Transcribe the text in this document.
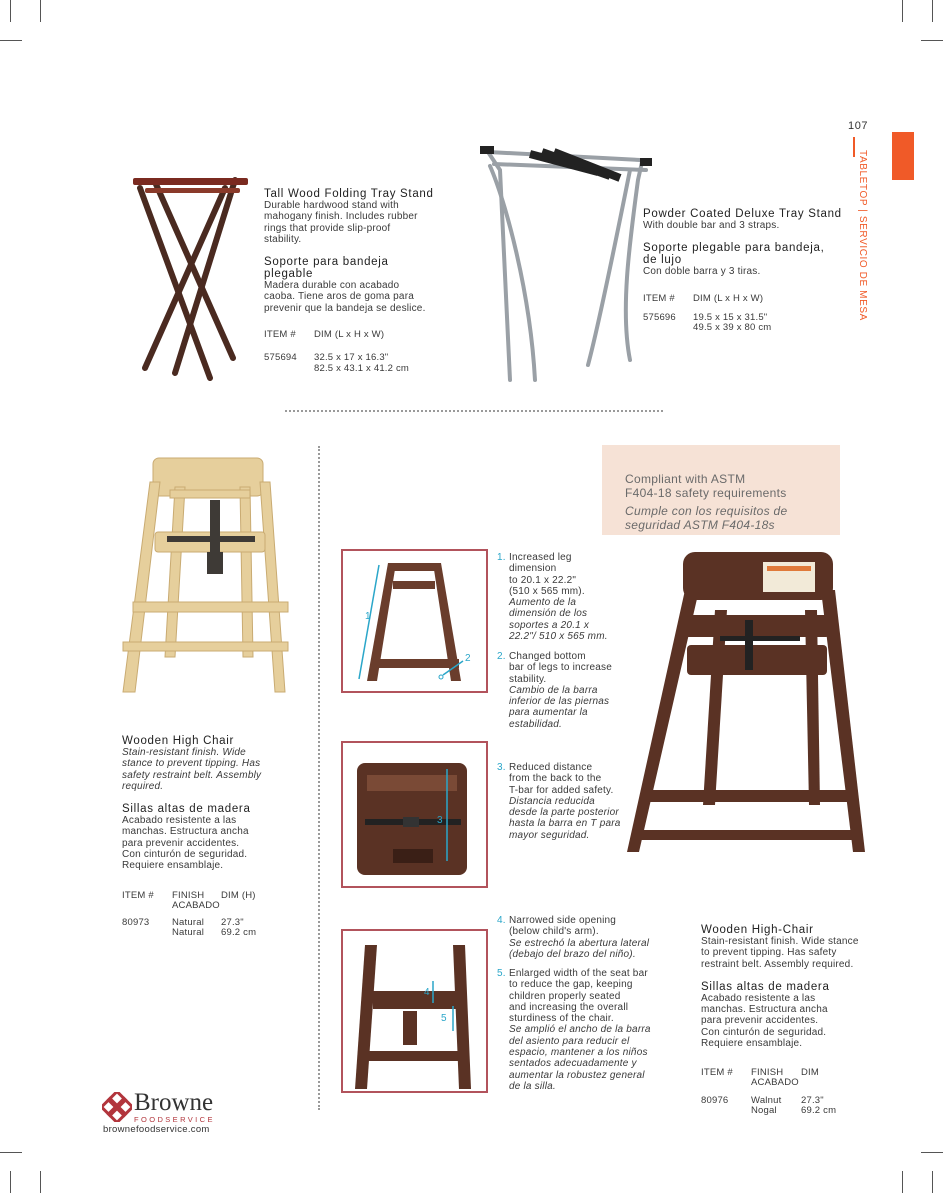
107
TABLETOP | SERVICIO DE MESA
Tall Wood Folding Tray Stand
Durable hardwood stand with
mahogany finish. Includes rubber
rings that provide slip-proof
stability.
Soporte para bandeja
plegable
Madera durable con acabado
caoba. Tiene aros de goma para
prevenir que la bandeja se deslice.
ITEM # DIM (L x H x W)
575694 32.5 x 17 x 16.3"
82.5 x 43.1 x 41.2 cm
Powder Coated Deluxe Tray Stand
With double bar and 3 straps.
Soporte plegable para bandeja,
de lujo
Con doble barra y 3 tiras.
ITEM # DIM (L x H x W)
575696 19.5 x 15 x 31.5"
49.5 x 39 x 80 cm
Wooden High Chair
Stain-resistant finish. Wide
stance to prevent tipping. Has
safety restraint belt. Assembly
required.
Sillas altas de madera
Acabado resistente a las
manchas. Estructura ancha
para prevenir accidentes.
Con cinturón de seguridad.
Requiere ensamblaje.
ITEM # FINISH
ACABADO
DIM (H)
80973 Natural
Natural
27.3"
69.2 cm
Compliant with ASTM
F404-18 safety requirements
Cumple con los requisitos de
seguridad ASTM F404-18s
1
2
3
4
5
1. Increased leg
dimension
to 20.1 x 22.2"
(510 x 565 mm).
Aumento de la
dimensión de los
soportes a 20.1 x
22.2"/ 510 x 565 mm.
2. Changed bottom
bar of legs to increase
stability.
Cambio de la barra
inferior de las piernas
para aumentar la
estabilidad.
3. Reduced distance
from the back to the
T-bar for added safety.
Distancia reducida
desde la parte posterior
hasta la barra en T para
mayor seguridad.
4. Narrowed side opening
(below child's arm).
Se estrechó la abertura lateral
(debajo del brazo del niño).
5. Enlarged width of the seat bar
to reduce the gap, keeping
children properly seated
and increasing the overall
sturdiness of the chair.
Se amplió el ancho de la barra
del asiento para reducir el
espacio, mantener a los niños
sentados adecuadamente y
aumentar la robustez general
de la silla.
Wooden High-Chair
Stain-resistant finish. Wide stance
to prevent tipping. Has safety
restraint belt. Assembly required.
Sillas altas de madera
Acabado resistente a las
manchas. Estructura ancha
para prevenir accidentes.
Con cinturón de seguridad.
Requiere ensamblaje.
ITEM # FINISH
ACABADO
DIM
80976 Walnut
Nogal
27.3"
69.2 cm
Browne
FOODSERVICE
brownefoodservice.com
